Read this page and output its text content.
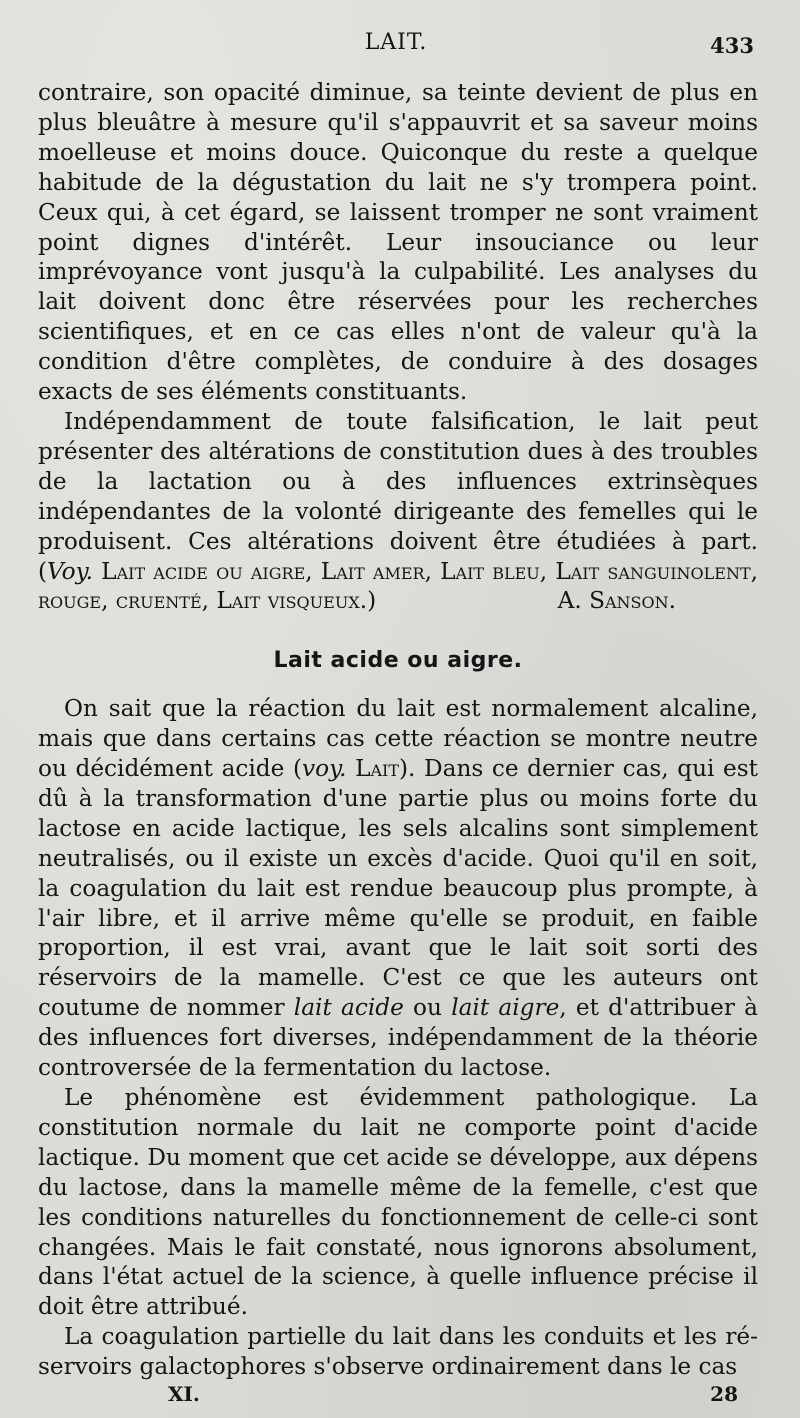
LAIT.	433

contraire, son opacité diminue, sa teinte devient de plus en plus bleuâtre à mesure qu'il s'appauvrit et sa saveur moins moelleuse et moins douce. Quiconque du reste a quelque habitude de la dégustation du lait ne s'y trompera point. Ceux qui, à cet égard, se laissent tromper ne sont vraiment point dignes d'intérêt. Leur insouciance ou leur imprévoyance vont jusqu'à la culpabilité. Les analyses du lait doivent donc être réservées pour les recherches scientifiques, et en ce cas elles n'ont de valeur qu'à la condition d'être complètes, de conduire à des dosages exacts de ses éléments constituants.

Indépendamment de toute falsification, le lait peut présenter des altérations de constitution dues à des troubles de la lactation ou à des influences extrinsèques indépendantes de la volonté dirigeante des femelles qui le produisent. Ces altérations doivent être étudiées à part. (Voy. Lait acide ou aigre, Lait amer, Lait bleu, Lait sanguinolent, rouge, cruenté, Lait visqueux.)	A. Sanson.
Lait acide ou aigre.

On sait que la réaction du lait est normalement alcaline, mais que dans certains cas cette réaction se montre neutre ou décidément acide (voy. Lait). Dans ce dernier cas, qui est dû à la transformation d'une partie plus ou moins forte du lactose en acide lactique, les sels alcalins sont simplement neutralisés, ou il existe un excès d'acide. Quoi qu'il en soit, la coagulation du lait est rendue beaucoup plus prompte, à l'air libre, et il arrive même qu'elle se produit, en faible proportion, il est vrai, avant que le lait soit sorti des réservoirs de la mamelle. C'est ce que les auteurs ont coutume de nommer lait acide ou lait aigre, et d'attribuer à des influences fort diverses, indépendamment de la théorie controversée de la fermentation du lactose.

Le phénomène est évidemment pathologique. La constitution normale du lait ne comporte point d'acide lactique. Du moment que cet acide se développe, aux dépens du lactose, dans la mamelle même de la femelle, c'est que les conditions naturelles du fonctionnement de celle-ci sont changées. Mais le fait constaté, nous ignorons absolument, dans l'état actuel de la science, à quelle influence précise il doit être attribué.

La coagulation partielle du lait dans les conduits et les réservoirs galactophores s'observe ordinairement dans le cas

XI.	28
